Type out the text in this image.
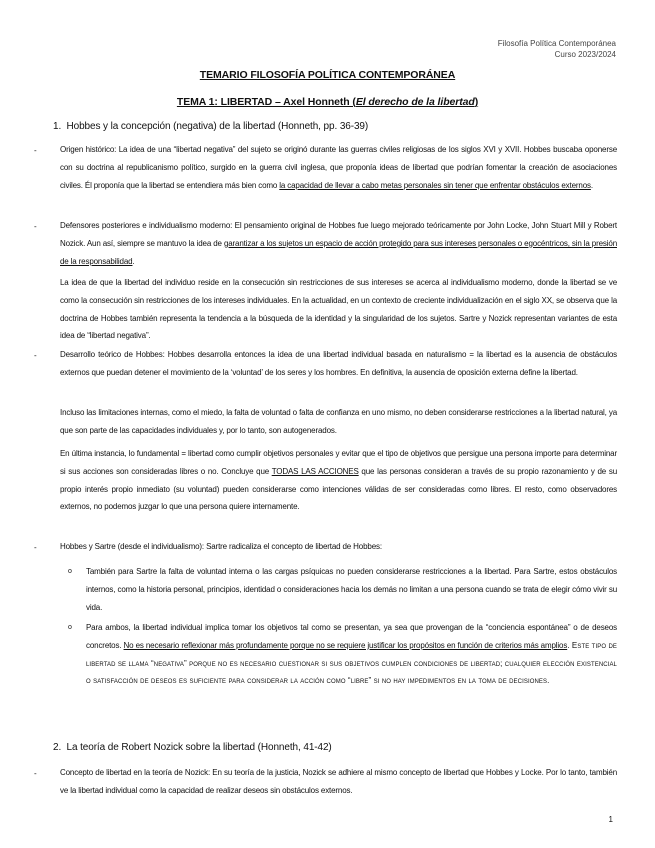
Filosofía Política Contemporánea
Curso 2023/2024
TEMARIO FILOSOFÍA POLÍTICA CONTEMPORÁNEA
TEMA 1: LIBERTAD – Axel Honneth (El derecho de la libertad)
1. Hobbes y la concepción (negativa) de la libertad (Honneth, pp. 36-39)
-	Origen histórico: La idea de una “libertad negativa” del sujeto se originó durante las guerras civiles religiosas de los siglos XVI y XVII. Hobbes buscaba oponerse con su doctrina al republicanismo político, surgido en la guerra civil inglesa, que proponía ideas de libertad que podrían fomentar la creación de asociaciones civiles. Él proponía que la libertad se entendiera más bien como la capacidad de llevar a cabo metas personales sin tener que enfrentar obstáculos externos.
-	Defensores posteriores e individualismo moderno: El pensamiento original de Hobbes fue luego mejorado teóricamente por John Locke, John Stuart Mill y Robert Nozick. Aun así, siempre se mantuvo la idea de garantizar a los sujetos un espacio de acción protegido para sus intereses personales o egocéntricos, sin la presión de la responsabilidad.
La idea de que la libertad del individuo reside en la consecución sin restricciones de sus intereses se acerca al individualismo moderno, donde la libertad se ve como la consecución sin restricciones de los intereses individuales. En la actualidad, en un contexto de creciente individualización en el siglo XX, se observa que la doctrina de Hobbes también representa la tendencia a la búsqueda de la identidad y la singularidad de los sujetos. Sartre y Nozick representan variantes de esta idea de “libertad negativa”.
-	Desarrollo teórico de Hobbes: Hobbes desarrolla entonces la idea de una libertad individual basada en naturalismo = la libertad es la ausencia de obstáculos externos que puedan detener el movimiento de la ‘voluntad’ de los seres y los hombres. En definitiva, la ausencia de oposición externa define la libertad.
Incluso las limitaciones internas, como el miedo, la falta de voluntad o falta de confianza en uno mismo, no deben considerarse restricciones a la libertad natural, ya que son parte de las capacidades individuales y, por lo tanto, son autogenerados.
En última instancia, lo fundamental = libertad como cumplir objetivos personales y evitar que el tipo de objetivos que persigue una persona importe para determinar si sus acciones son consideradas libres o no. Concluye que TODAS LAS ACCIONES que las personas consideran a través de su propio razonamiento y de su propio interés propio inmediato (su voluntad) pueden considerarse como intenciones válidas de ser consideradas como libres. El resto, como observadores externos, no podemos juzgar lo que una persona quiere internamente.
-	Hobbes y Sartre (desde el individualismo): Sartre radicaliza el concepto de libertad de Hobbes:
o También para Sartre la falta de voluntad interna o las cargas psíquicas no pueden considerarse restricciones a la libertad. Para Sartre, estos obstáculos internos, como la historia personal, principios, identidad o consideraciones hacia los demás no limitan a una persona cuando se trata de elegir cómo vivir su vida.
o Para ambos, la libertad individual implica tomar los objetivos tal como se presentan, ya sea que provengan de la “conciencia espontánea” o de deseos concretos. No es necesario reflexionar más profundamente porque no se requiere justificar los propósitos en función de criterios más amplios. Este tipo de libertad se llama “negativa” porque no es necesario cuestionar si sus objetivos cumplen condiciones de libertad; cualquier elección existencial o satisfacción de deseos es suficiente para considerar la acción como “libre” si no hay impedimentos en la toma de decisiones.
2. La teoría de Robert Nozick sobre la libertad (Honneth, 41-42)
-	Concepto de libertad en la teoría de Nozick: En su teoría de la justicia, Nozick se adhiere al mismo concepto de libertad que Hobbes y Locke. Por lo tanto, también ve la libertad individual como la capacidad de realizar deseos sin obstáculos externos.
1
